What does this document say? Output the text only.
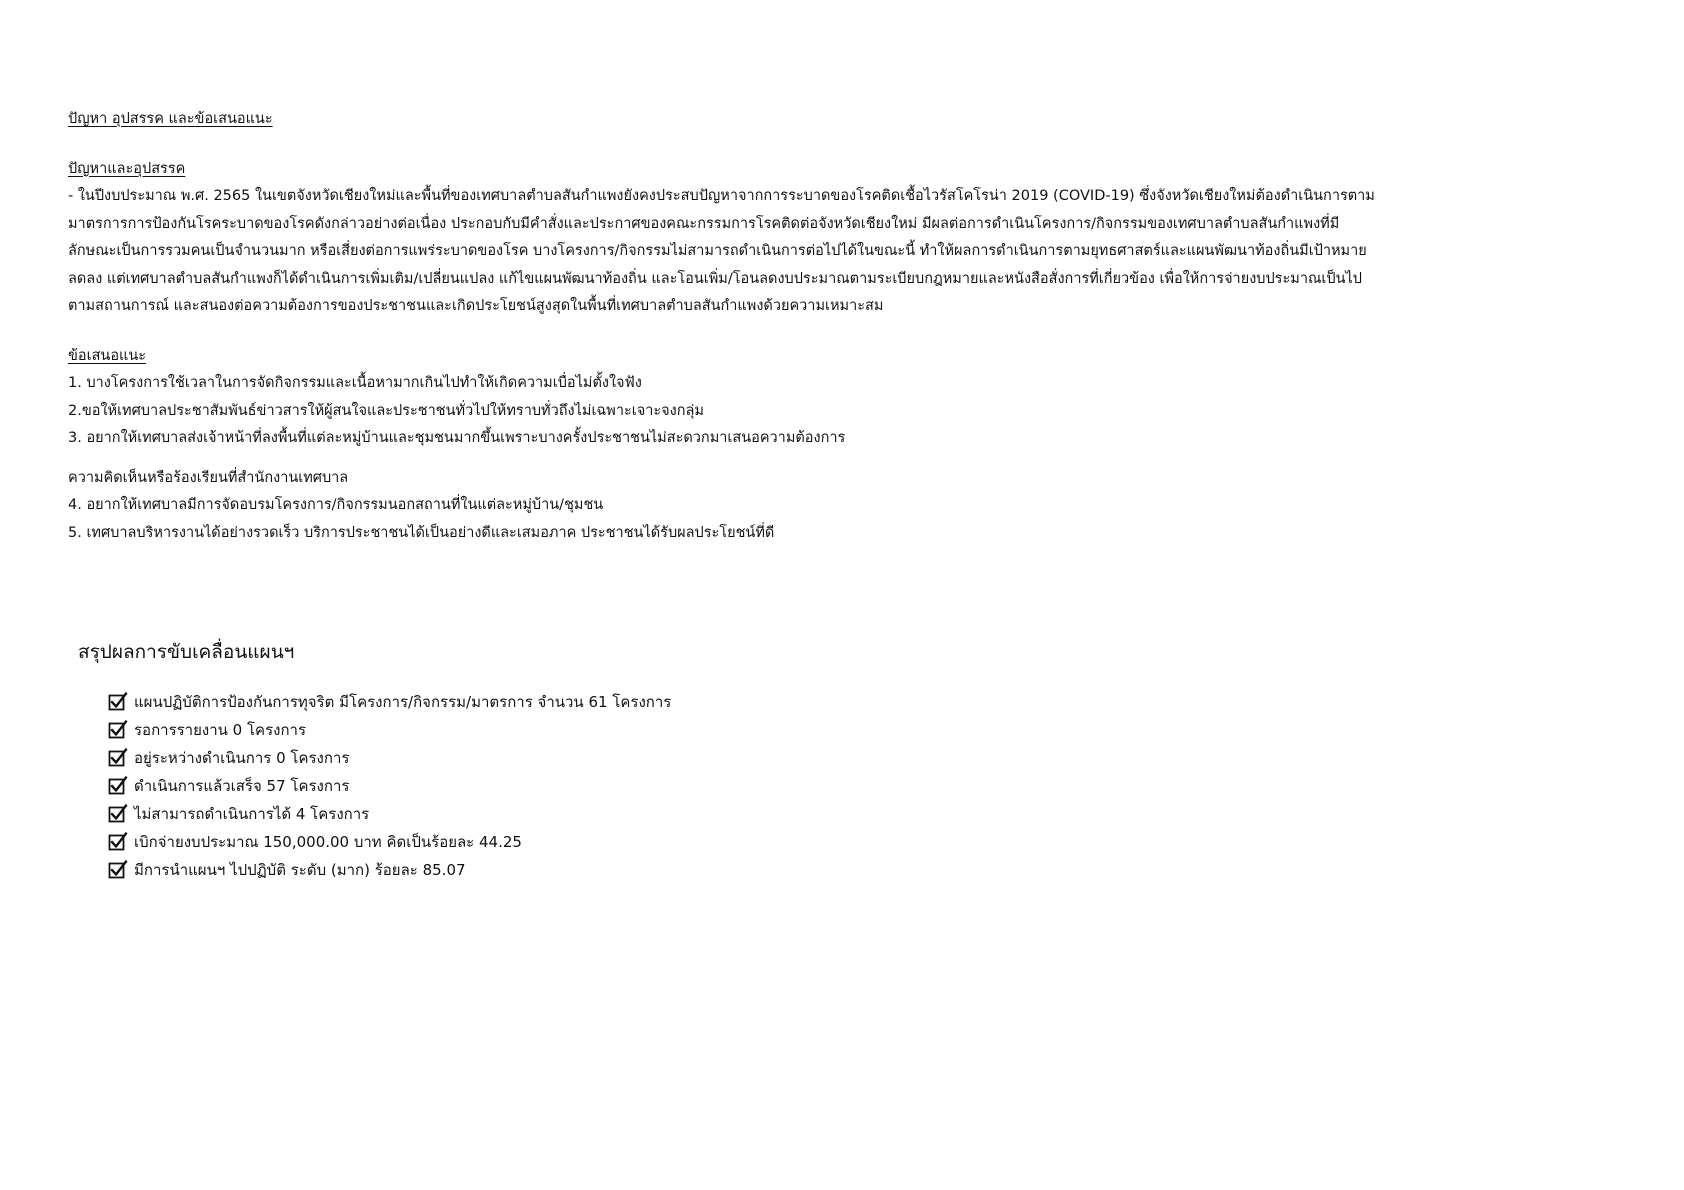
ปัญหา อุปสรรค และข้อเสนอแนะ
ปัญหาและอุปสรรค

- ในปีงบประมาณ พ.ศ. 2565 ในเขตจังหวัดเชียงใหม่และพื้นที่ของเทศบาลตำบลสันกำแพงยังคงประสบปัญหาจากการระบาดของโรคติดเชื้อไวรัสโคโรน่า 2019 (COVID-19) ซึ่งจังหวัดเชียงใหม่ต้องดำเนินการตาม

มาตรการการป้องกันโรคระบาดของโรคดังกล่าวอย่างต่อเนื่อง ประกอบกับมีคำสั่งและประกาศของคณะกรรมการโรคติดต่อจังหวัดเชียงใหม่ มีผลต่อการดำเนินโครงการ/กิจกรรมของเทศบาลตำบลสันกำแพงที่มี

ลักษณะเป็นการรวมคนเป็นจำนวนมาก หรือเสี่ยงต่อการแพร่ระบาดของโรค บางโครงการ/กิจกรรมไม่สามารถดำเนินการต่อไปได้ในขณะนี้ ทำให้ผลการดำเนินการตามยุทธศาสตร์และแผนพัฒนาท้องถิ่นมีเป้าหมาย

ลดลง แต่เทศบาลตำบลสันกำแพงก็ได้ดำเนินการเพิ่มเติม/เปลี่ยนแปลง แก้ไขแผนพัฒนาท้องถิ่น และโอนเพิ่ม/โอนลดงบประมาณตามระเบียบกฎหมายและหนังสือสั่งการที่เกี่ยวข้อง เพื่อให้การจ่ายงบประมาณเป็นไป

ตามสถานการณ์ และสนองต่อความต้องการของประชาชนและเกิดประโยชน์สูงสุดในพื้นที่เทศบาลตำบลสันกำแพงด้วยความเหมาะสม

ข้อเสนอแนะ

1. บางโครงการใช้เวลาในการจัดกิจกรรมและเนื้อหามากเกินไปทำให้เกิดความเบื่อไม่ตั้งใจฟัง

2.ขอให้เทศบาลประชาสัมพันธ์ข่าวสารให้ผู้สนใจและประชาชนทั่วไปให้ทราบทั่วถึงไม่เฉพาะเจาะจงกลุ่ม

3. อยากให้เทศบาลส่งเจ้าหน้าที่ลงพื้นที่แต่ละหมู่บ้านและชุมชนมากขึ้นเพราะบางครั้งประชาชนไม่สะดวกมาเสนอความต้องการ

ความคิดเห็นหรือร้องเรียนที่สำนักงานเทศบาล

4. อยากให้เทศบาลมีการจัดอบรมโครงการ/กิจกรรมนอกสถานที่ในแต่ละหมู่บ้าน/ชุมชน

5. เทศบาลบริหารงานได้อย่างรวดเร็ว บริการประชาชนได้เป็นอย่างดีและเสมอภาค ประชาชนได้รับผลประโยชน์ที่ดี

สรุปผลการขับเคลื่อนแผนฯ
แผนปฏิบัติการป้องกันการทุจริต มีโครงการ/กิจกรรม/มาตรการ จำนวน 61 โครงการ
รอการรายงาน 0 โครงการ
อยู่ระหว่างดำเนินการ 0 โครงการ
ดำเนินการแล้วเสร็จ 57 โครงการ
ไม่สามารถดำเนินการได้ 4 โครงการ
เบิกจ่ายงบประมาณ 150,000.00 บาท คิดเป็นร้อยละ 44.25
มีการนำแผนฯ ไปปฏิบัติ ระดับ (มาก) ร้อยละ 85.07
